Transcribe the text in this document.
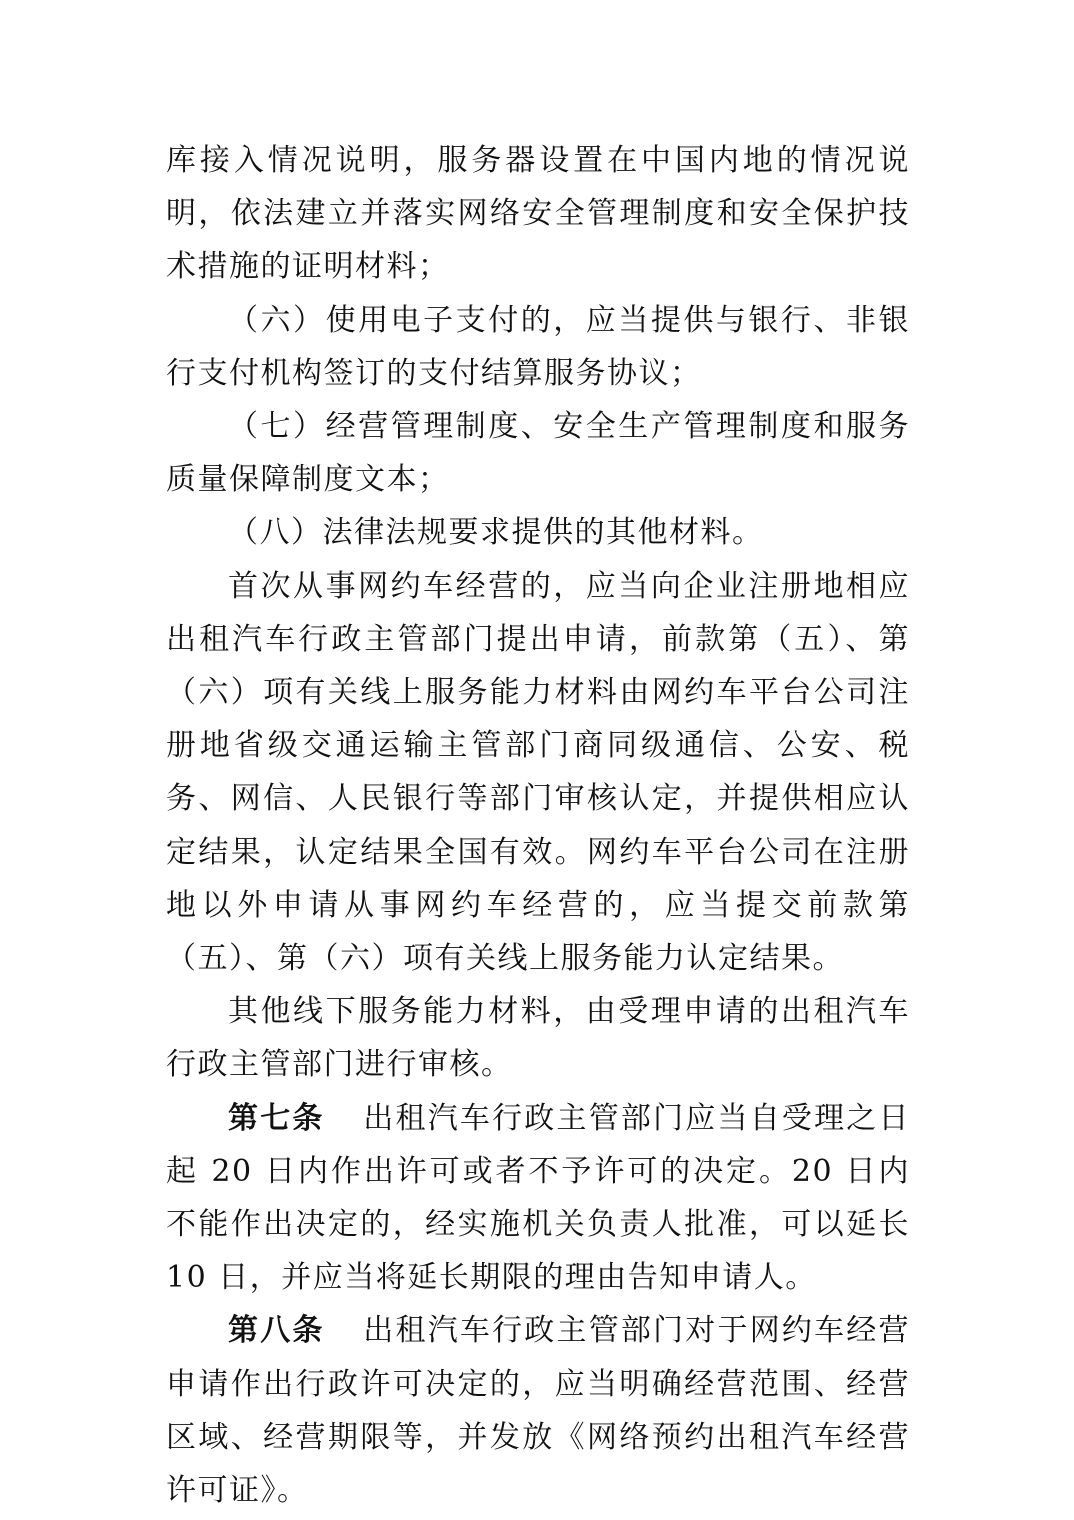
库接入情况说明，服务器设置在中国内地的情况说明，依法建立并落实网络安全管理制度和安全保护技术措施的证明材料；

（六）使用电子支付的，应当提供与银行、非银行支付机构签订的支付结算服务协议；

（七）经营管理制度、安全生产管理制度和服务质量保障制度文本；

（八）法律法规要求提供的其他材料。

首次从事网约车经营的，应当向企业注册地相应出租汽车行政主管部门提出申请，前款第（五）、第（六）项有关线上服务能力材料由网约车平台公司注册地省级交通运输主管部门商同级通信、公安、税务、网信、人民银行等部门审核认定，并提供相应认定结果，认定结果全国有效。网约车平台公司在注册地以外申请从事网约车经营的，应当提交前款第（五）、第（六）项有关线上服务能力认定结果。

其他线下服务能力材料，由受理申请的出租汽车行政主管部门进行审核。

第七条 出租汽车行政主管部门应当自受理之日起 20 日内作出许可或者不予许可的决定。20 日内不能作出决定的，经实施机关负责人批准，可以延长 10 日，并应当将延长期限的理由告知申请人。

第八条 出租汽车行政主管部门对于网约车经营申请作出行政许可决定的，应当明确经营范围、经营区域、经营期限等，并发放《网络预约出租汽车经营许可证》。
